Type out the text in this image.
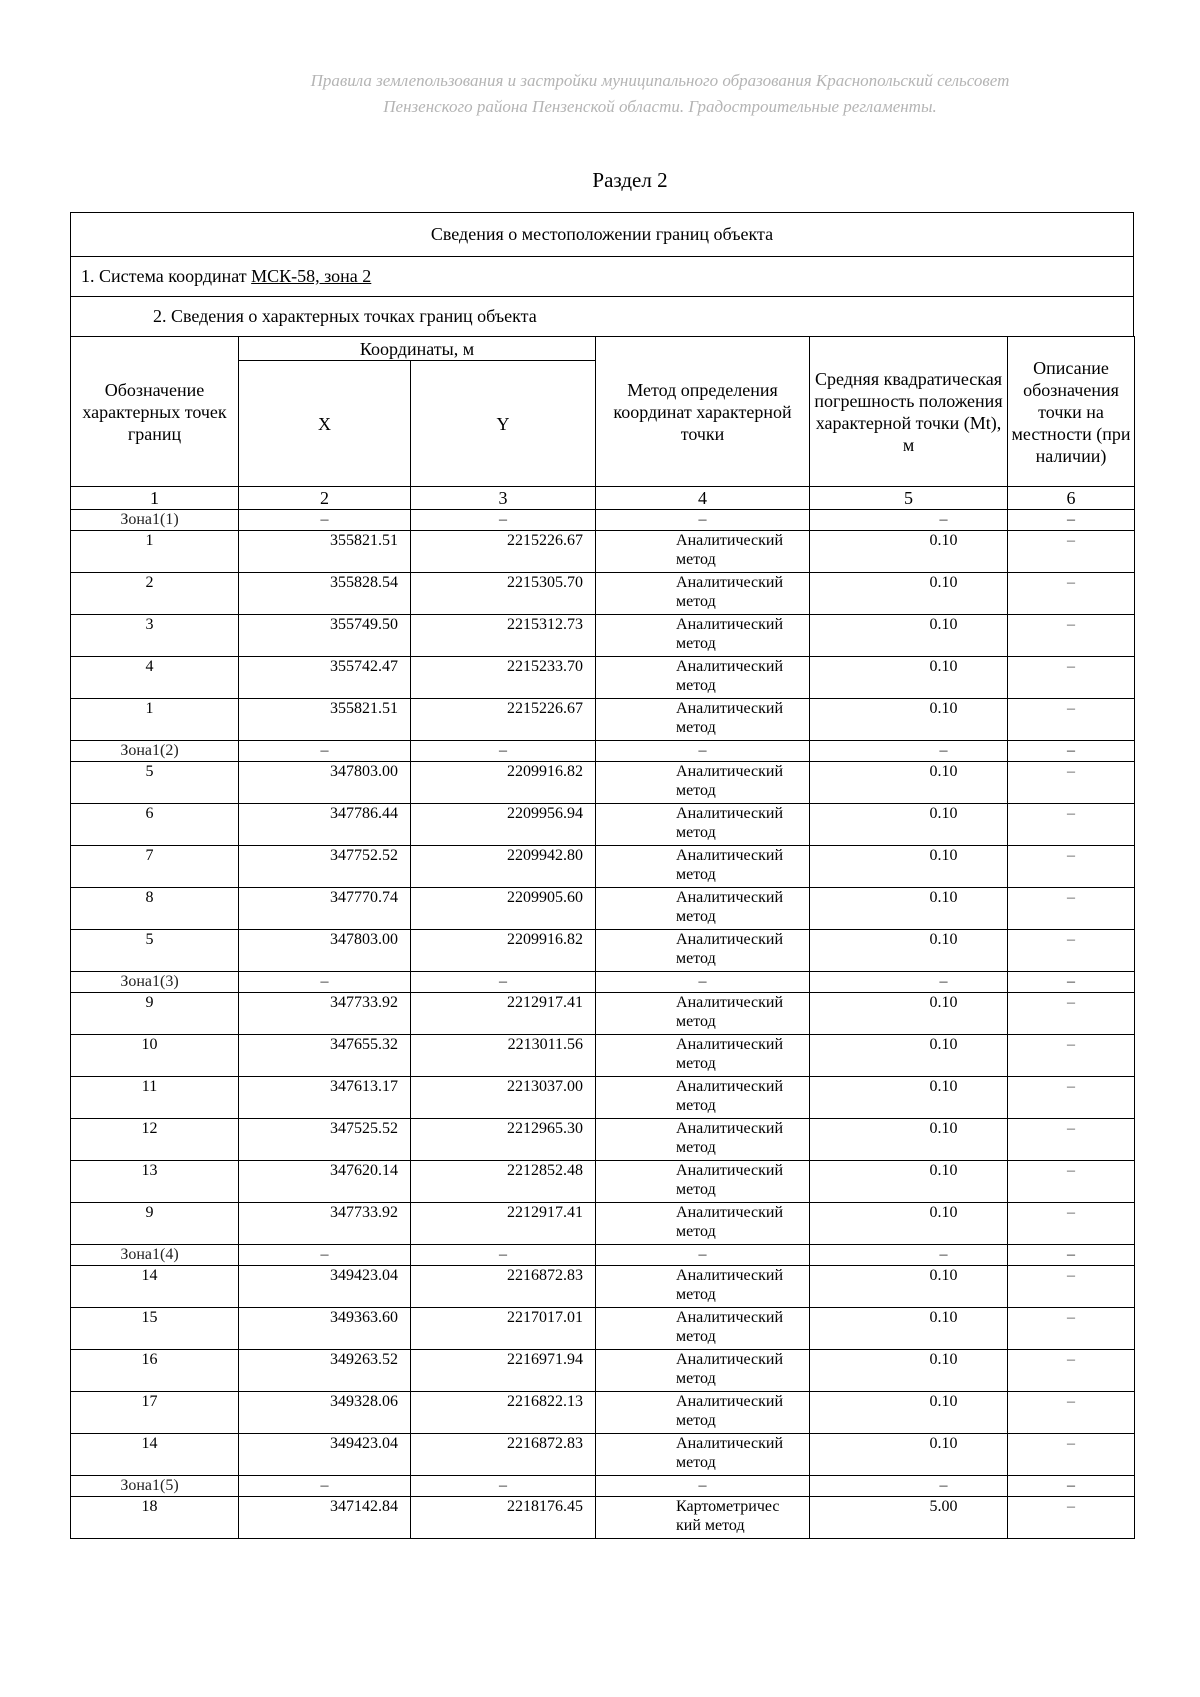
Правила землепользования и застройки муниципального образования Краснопольский сельсовет
Пензенского района Пензенской области. Градостроительные регламенты.
Раздел 2
Сведения о местоположении границ объекта
1. Система координат МСК-58, зона 2
2. Сведения о характерных точках границ объекта
Обозначение характерных точек границ	Координаты, м		Метод определения координат характерной точки	Средняя квадратическая погрешность положения характерной точки (Mt), м	Описание обозначения точки на местности (при наличии)
	X	Y			
1	2	3	4	5	6

Зона1(1)	–	–	–	–	–

1	355821.51	2215226.67	Аналитический
метод	0.10	–

2	355828.54	2215305.70	Аналитический
метод	0.10	–

3	355749.50	2215312.73	Аналитический
метод	0.10	–

4	355742.47	2215233.70	Аналитический
метод	0.10	–

1	355821.51	2215226.67	Аналитический
метод	0.10	–

Зона1(2)	–	–	–	–	–

5	347803.00	2209916.82	Аналитический
метод	0.10	–

6	347786.44	2209956.94	Аналитический
метод	0.10	–

7	347752.52	2209942.80	Аналитический
метод	0.10	–

8	347770.74	2209905.60	Аналитический
метод	0.10	–

5	347803.00	2209916.82	Аналитический
метод	0.10	–

Зона1(3)	–	–	–	–	–

9	347733.92	2212917.41	Аналитический
метод	0.10	–

10	347655.32	2213011.56	Аналитический
метод	0.10	–

11	347613.17	2213037.00	Аналитический
метод	0.10	–

12	347525.52	2212965.30	Аналитический
метод	0.10	–

13	347620.14	2212852.48	Аналитический
метод	0.10	–

9	347733.92	2212917.41	Аналитический
метод	0.10	–

Зона1(4)	–	–	–	–	–

14	349423.04	2216872.83	Аналитический
метод	0.10	–

15	349363.60	2217017.01	Аналитический
метод	0.10	–

16	349263.52	2216971.94	Аналитический
метод	0.10	–

17	349328.06	2216822.13	Аналитический
метод	0.10	–

14	349423.04	2216872.83	Аналитический
метод	0.10	–

Зона1(5)	–	–	–	–	–

18	347142.84	2218176.45	Картометричес
кий метод	5.00	–
